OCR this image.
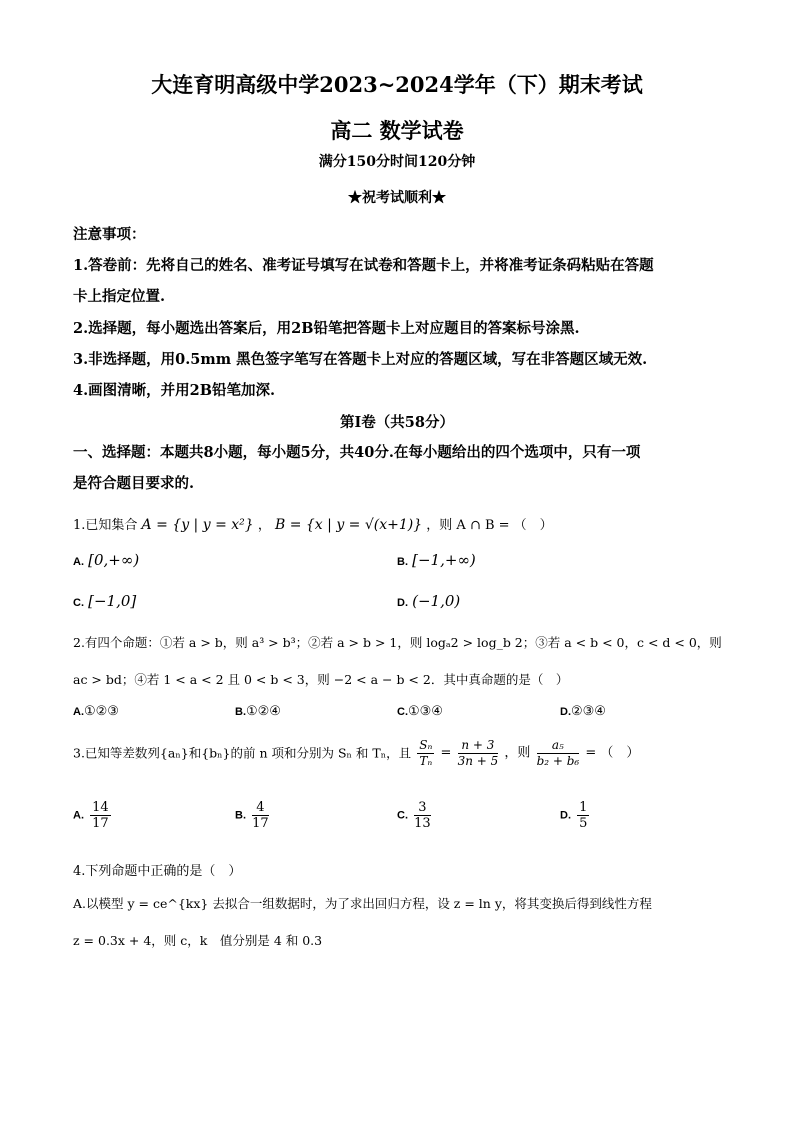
大连育明高级中学2023~2024学年（下）期末考试
高二 数学试卷
满分150分时间120分钟
★祝考试顺利★
注意事项：
1.答卷前：先将自己的姓名、准考证号填写在试卷和答题卡上，并将准考证条码粘贴在答题
卡上指定位置.
2.选择题，每小题选出答案后，用2B铅笔把答题卡上对应题目的答案标号涂黑.
3.非选择题，用0.5mm 黑色签字笔写在答题卡上对应的答题区域，写在非答题区域无效.
4.画图清晰，并用2B铅笔加深.
第Ⅰ卷（共58分）
一、选择题：本题共8小题，每小题5分，共40分.在每小题给出的四个选项中，只有一项
是符合题目要求的.
1.已知集合 A = {y | y = x²} ， B = {x | y = √(x+1)} ，则 A ∩ B = （　）
A. [0,+∞)	B. [−1,+∞)
C. [−1,0]	D. (−1,0)
2.有四个命题：①若 a > b，则 a³ > b³；②若 a > b > 1，则 logₐ2 > log_b 2；③若 a < b < 0，c < d < 0，则
ac > bd；④若 1 < a < 2 且 0 < b < 3，则 −2 < a − b < 2．其中真命题的是（　）
A.①②③	B.①②④	C.①③④	D.②③④
3.已知等差数列{aₙ}和{bₙ}的前 n 项和分别为 Sₙ 和 Tₙ，且 $\frac{\text{Sₙ}}{\text{Tₙ}} = \frac{n + 3}{3n + 5}$ ，则 $\frac{\text{a₅}}{\text{b₂ + b₆}}$ = （　）
A. $\frac{14}{17}$	B. $\frac{4}{17}$	C. $\frac{3}{13}$	D. $\frac{1}{5}$
4.下列命题中正确的是（　）
A.以模型 y = ce^{kx} 去拟合一组数据时，为了求出回归方程，设 z = ln y，将其变换后得到线性方程
z = 0.3x + 4，则 c，k　值分别是 4 和 0.3
